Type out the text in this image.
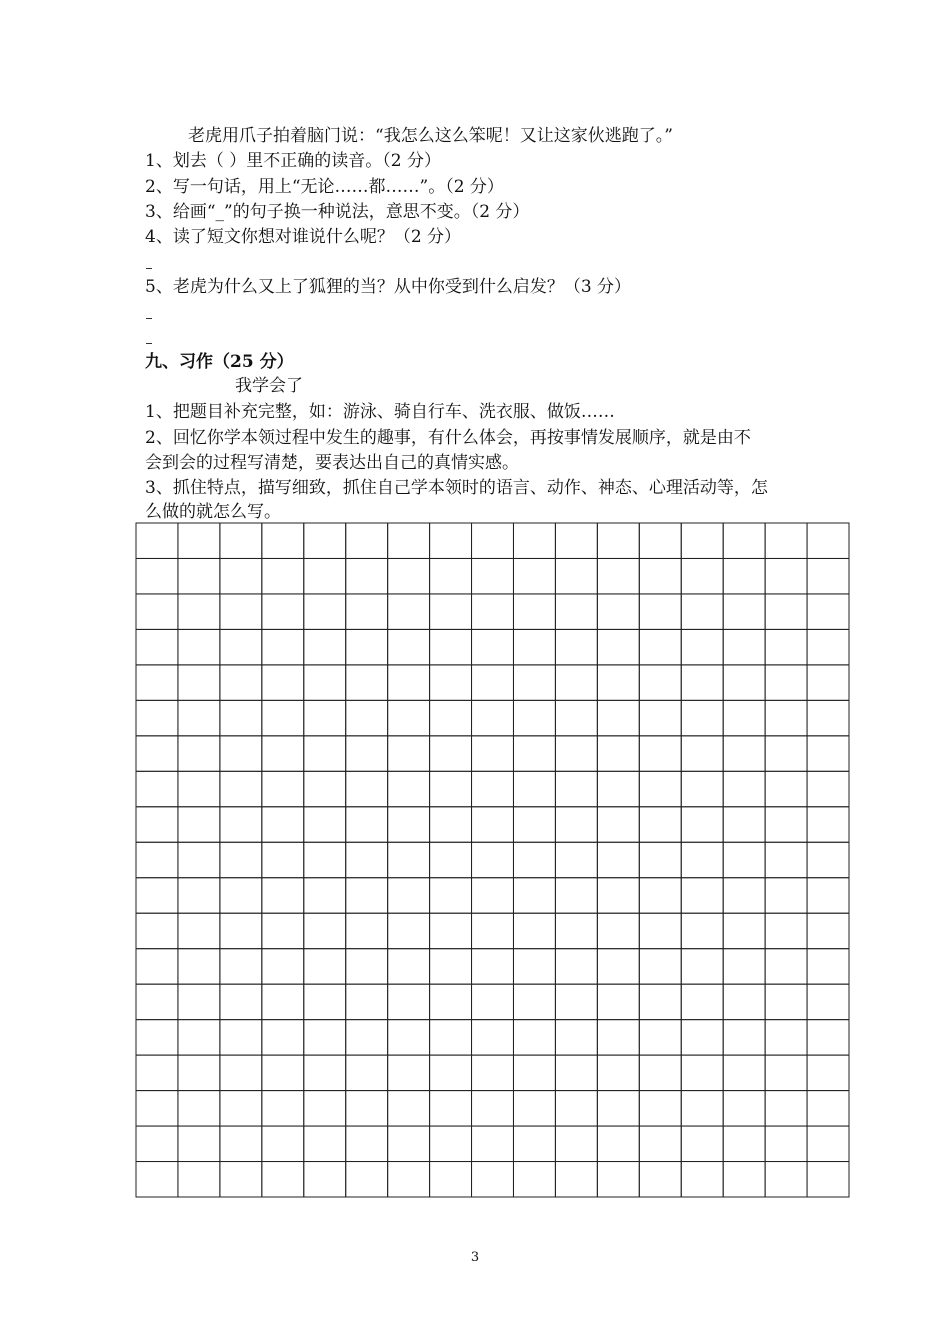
老虎用爪子拍着脑门说：“我怎么这么笨呢！又让这家伙逃跑了。”
1、划去（ ）里不正确的读音。（2 分）
2、写一句话，用上“无论……都……”。（2 分）
3、给画“_”的句子换一种说法，意思不变。（2 分）
4、读了短文你想对谁说什么呢？（2 分）
5、老虎为什么又上了狐狸的当？从中你受到什么启发？（3 分）
九、习作（25 分）
我学会了
1、把题目补充完整，如：游泳、骑自行车、洗衣服、做饭……
2、回忆你学本领过程中发生的趣事，有什么体会，再按事情发展顺序，就是由不
会到会的过程写清楚，要表达出自己的真情实感。
3、抓住特点，描写细致，抓住自己学本领时的语言、动作、神态、心理活动等，怎
么做的就怎么写。
3
